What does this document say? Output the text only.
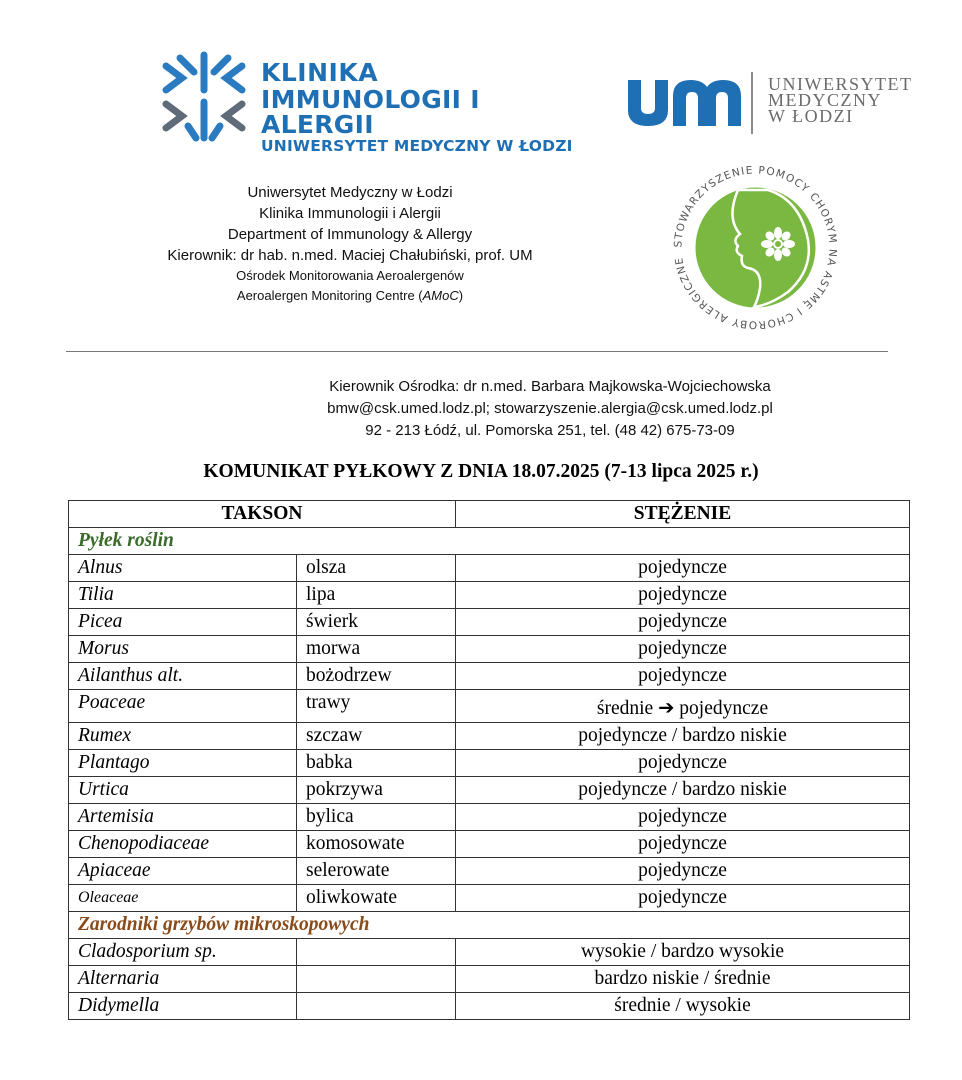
KLINIKA
IMMUNOLOGII I ALERGII
UNIWERSYTET MEDYCZNY W ŁODZI
UNIWERSYTET
MEDYCZNY
W ŁODZI
Uniwersytet Medyczny w Łodzi
Klinika Immunologii i Alergii
Department of Immunology & Allergy
Kierownik: dr hab. n.med. Maciej Chałubiński, prof. UM
Ośrodek Monitorowania Aeroalergenów
Aeroalergen Monitoring Centre (AMoC)
STOWARZYSZENIE POMOCY CHORYM NA ASTMĘ I CHOROBY ALERGICZNE
Kierownik Ośrodka: dr n.med. Barbara Majkowska-Wojciechowska
bmw@csk.umed.lodz.pl; stowarzyszenie.alergia@csk.umed.lodz.pl
92 - 213 Łódź, ul. Pomorska 251, tel. (48 42) 675-73-09
KOMUNIKAT PYŁKOWY Z DNIA 18.07.2025 (7-13 lipca 2025 r.)
TAKSON		STĘŻENIE
Pyłek roślin		
Alnus	olsza	pojedyncze
Tilia	lipa	pojedyncze
Picea	świerk	pojedyncze
Morus	morwa	pojedyncze
Ailanthus alt.	bożodrzew	pojedyncze
Poaceae	trawy	średnie ➔ pojedyncze
Rumex	szczaw	pojedyncze / bardzo niskie
Plantago	babka	pojedyncze
Urtica	pokrzywa	pojedyncze / bardzo niskie
Artemisia	bylica	pojedyncze
Chenopodiaceae	komosowate	pojedyncze
Apiaceae	selerowate	pojedyncze
Oleaceae	oliwkowate	pojedyncze
Zarodniki grzybów mikroskopowych		
Cladosporium sp.		wysokie / bardzo wysokie
Alternaria		bardzo niskie / średnie
Didymella		średnie / wysokie
